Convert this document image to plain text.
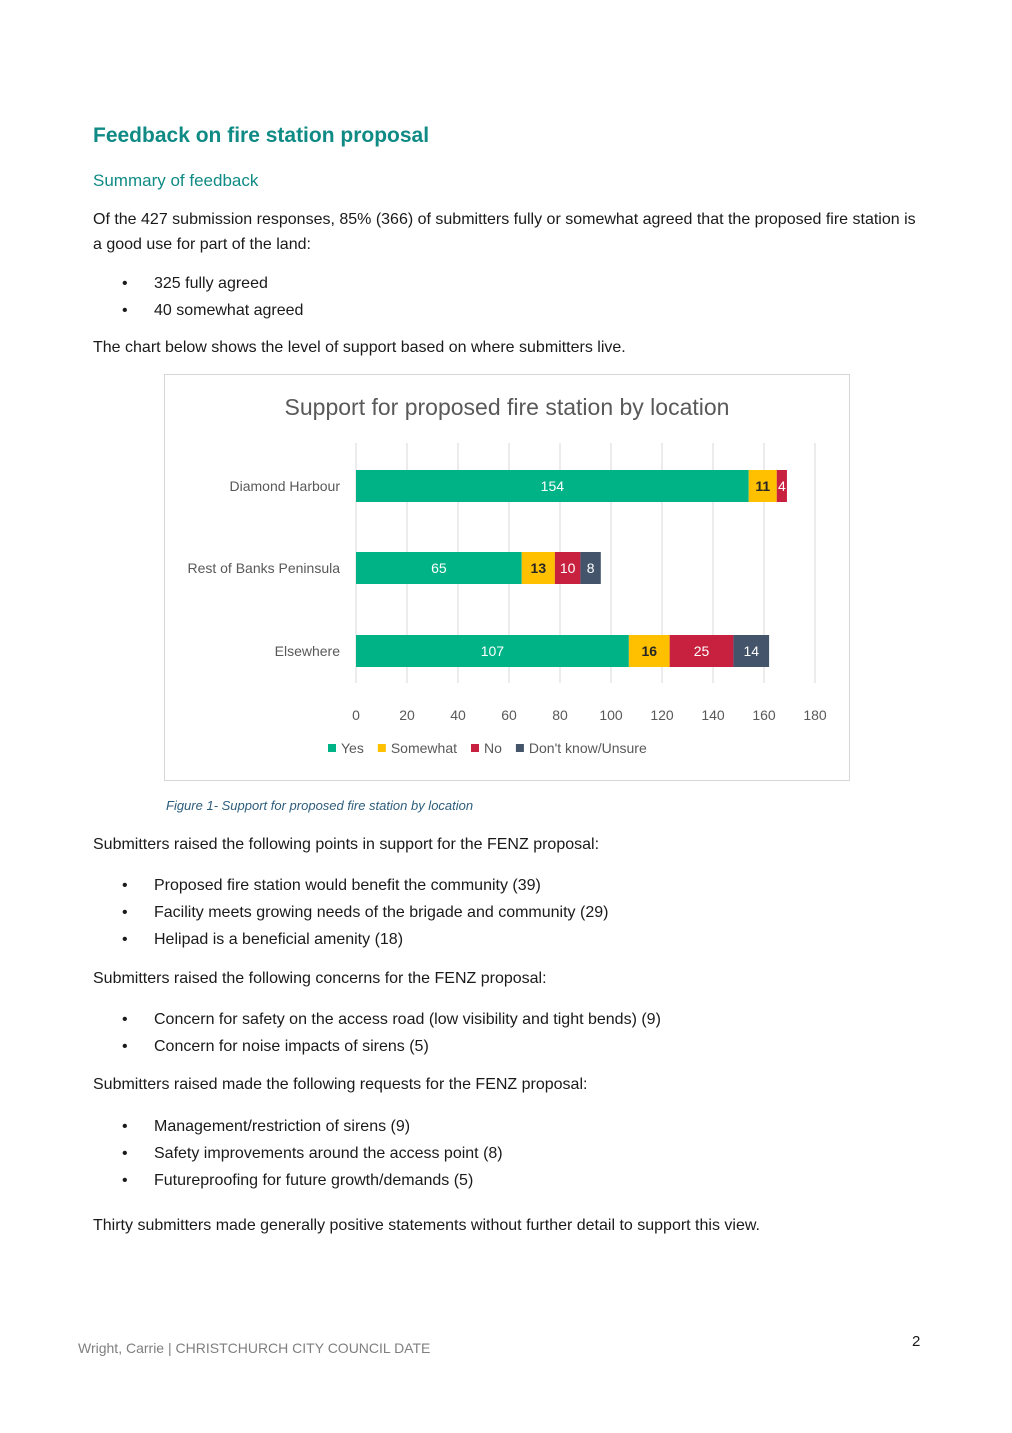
Feedback on fire station proposal
Summary of feedback

Of the 427 submission responses, 85% (366) of submitters fully or somewhat agreed that the proposed fire station is a good use for part of the land:

• 325 fully agreed
• 40 somewhat agreed

The chart below shows the level of support based on where submitters live.

Support for proposed fire station by location
0	20	40	60	80 100 120 140 160 180
Diamond Harbour	154	11 4
Rest of Banks Peninsula	65	13 10 8
Elsewhere	107	16	25 14
Yes Somewhat No Don't know/Unsure

Figure 1- Support for proposed fire station by location

Submitters raised the following points in support for the FENZ proposal:

• Proposed fire station would benefit the community (39)
• Facility meets growing needs of the brigade and community (29)
• Helipad is a beneficial amenity (18)

Submitters raised the following concerns for the FENZ proposal:

• Concern for safety on the access road (low visibility and tight bends) (9)
• Concern for noise impacts of sirens (5)

Submitters raised made the following requests for the FENZ proposal:

• Management/restriction of sirens (9)
• Safety improvements around the access point (8)
• Futureproofing for future growth/demands (5)

Thirty submitters made generally positive statements without further detail to support this view.

Wright, Carrie | CHRISTCHURCH CITY COUNCIL DATE	2
